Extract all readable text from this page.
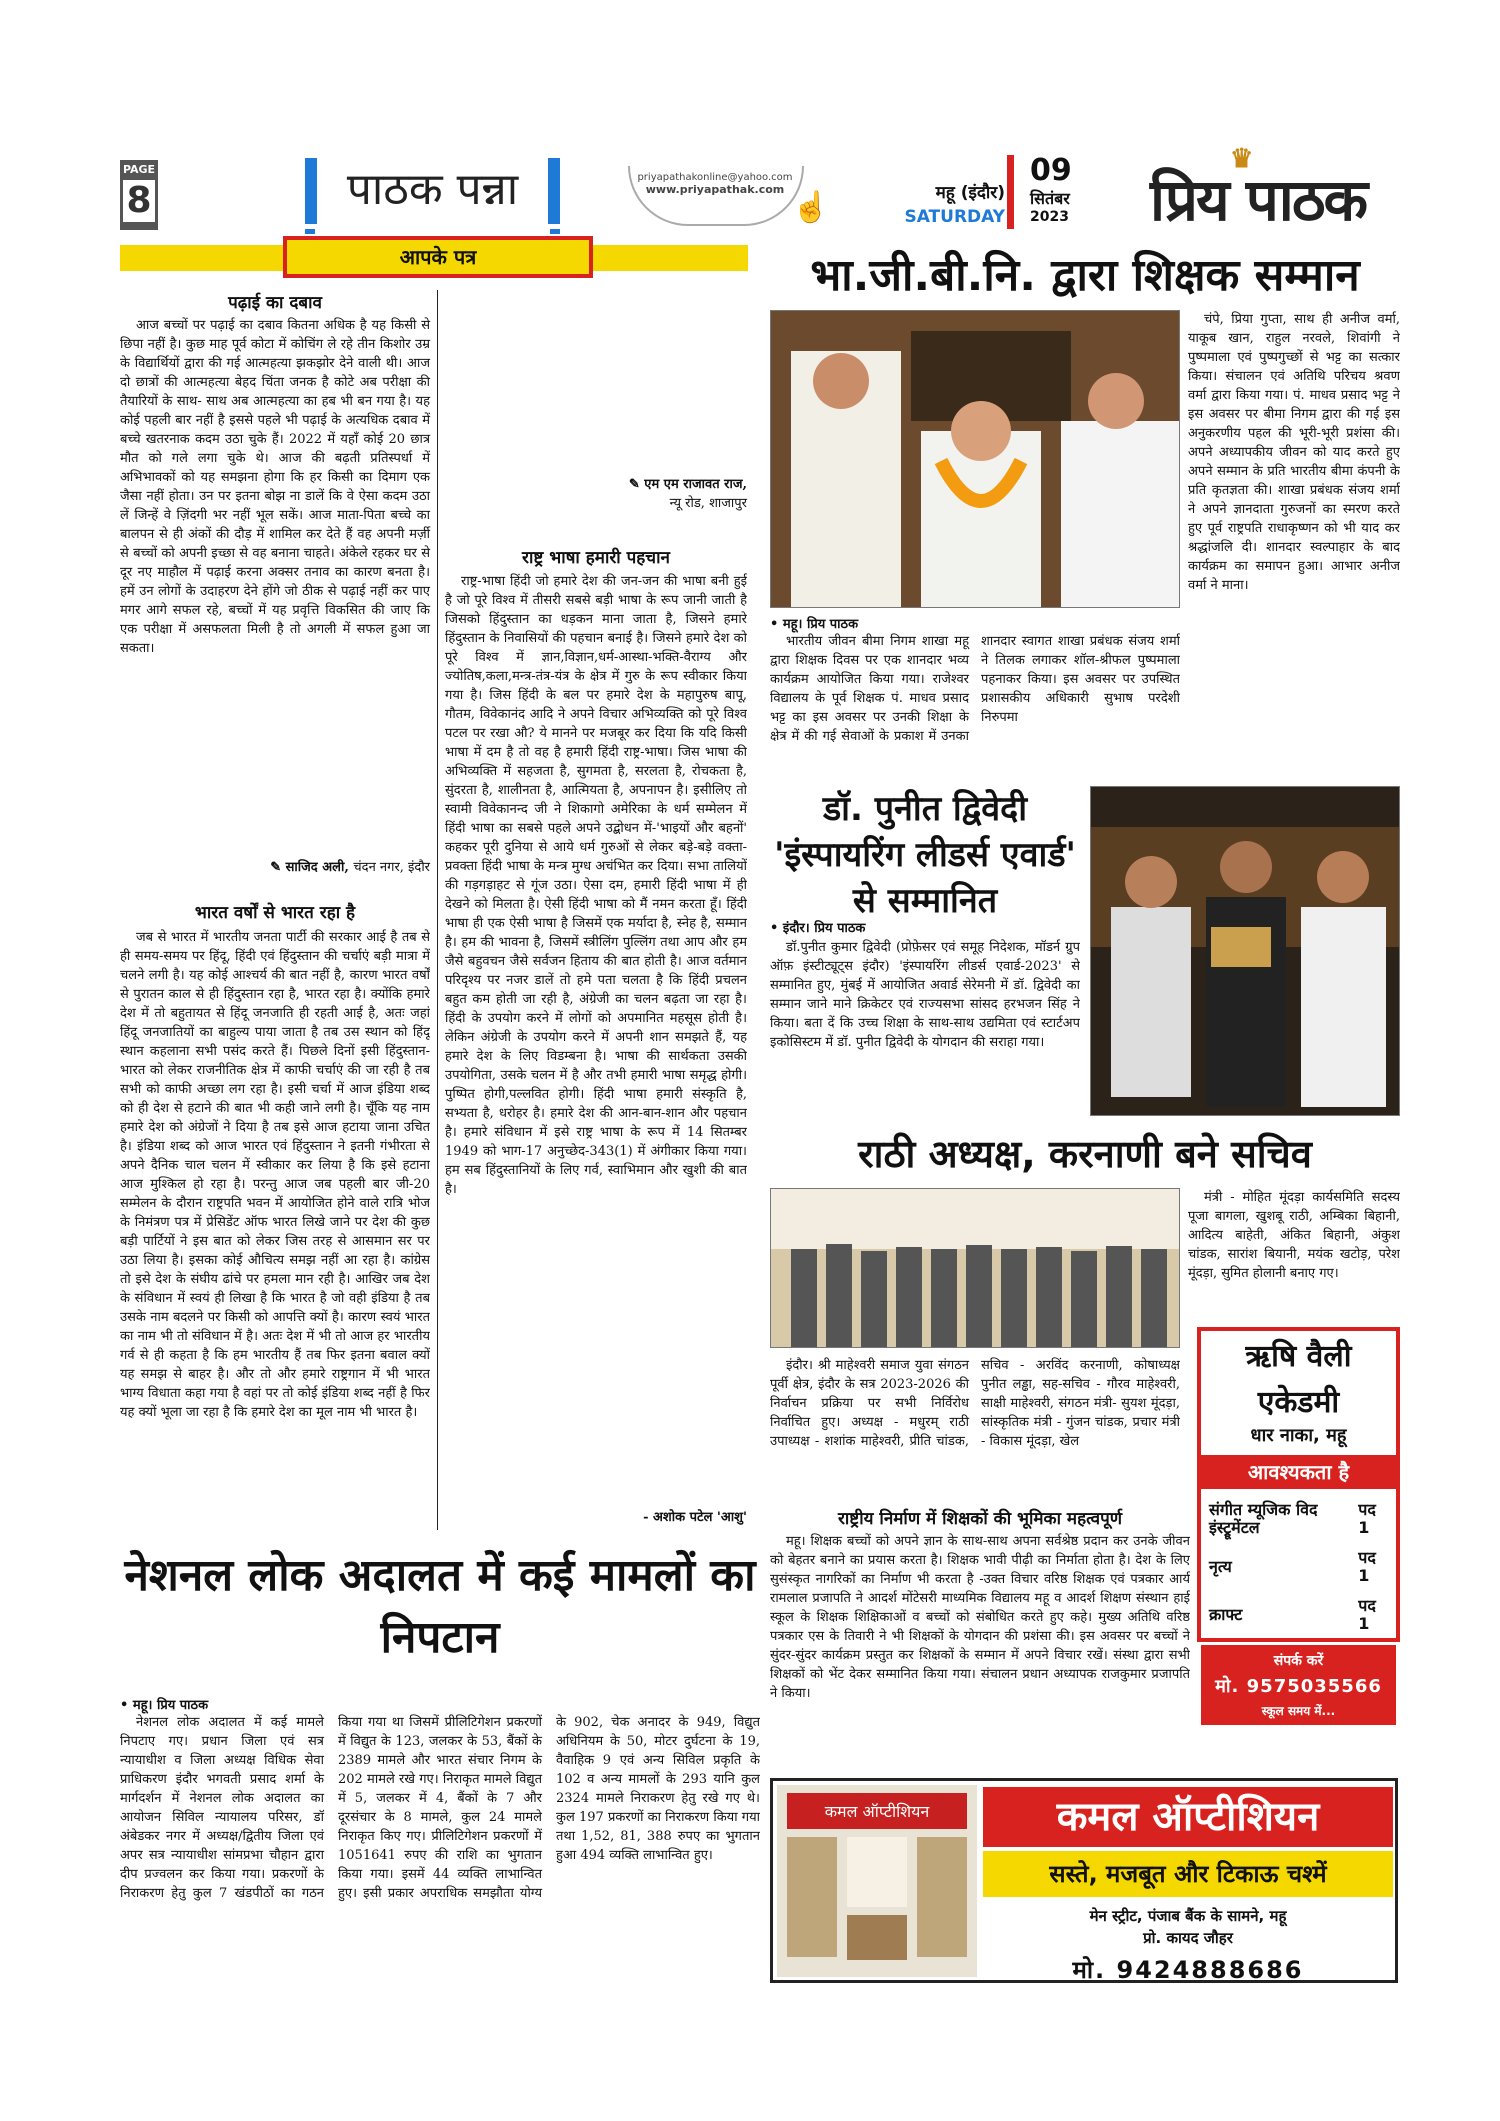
PAGE
8	पाठक पन्ना	priyapathakonline@yahoo.com
www.priyapathak.com
☝	महू (इंदौर)
SATURDAY
09
सितंबर
2023
♛
प्रिय पाठक
आपके पत्र
पढ़ाई का दबाव

आज बच्चों पर पढ़ाई का दबाव कितना अधिक है यह किसी से छिपा नहीं है। कुछ माह पूर्व कोटा में कोचिंग ले रहे तीन किशोर उम्र के विद्यार्थियों द्वारा की गई आत्महत्या झकझोर देने वाली थी। आज दो छात्रों की आत्महत्या बेहद चिंता जनक है कोटे अब परीक्षा की तैयारियों के साथ- साथ अब आत्महत्या का हब भी बन गया है। यह कोई पहली बार नहीं है इससे पहले भी पढ़ाई के अत्यधिक दबाव में बच्चे खतरनाक कदम उठा चुके हैं। 2022 में यहाँ कोई 20 छात्र मौत को गले लगा चुके थे। आज की बढ़ती प्रतिस्पर्धा में अभिभावकों को यह समझना होगा कि हर किसी का दिमाग एक जैसा नहीं होता। उन पर इतना बोझ ना डालें कि वे ऐसा कदम उठा लें जिन्हें वे ज़िंदगी भर नहीं भूल सकें। आज माता-पिता बच्चे का बालपन से ही अंकों की दौड़ में शामिल कर देते हैं वह अपनी मर्ज़ी से बच्चों को अपनी इच्छा से वह बनाना चाहते। अंकेले रहकर घर से दूर नए माहौल में पढ़ाई करना अक्सर तनाव का कारण बनता है। हमें उन लोगों के उदाहरण देने होंगे जो ठीक से पढ़ाई नहीं कर पाए मगर आगे सफल रहे, बच्चों में यह प्रवृत्ति विकसित की जाए कि एक परीक्षा में असफलता मिली है तो अगली में सफल हुआ जा सकता।

✎ साजिद अली, चंदन नगर, इंदौर
भारत वर्षों से भारत रहा है

जब से भारत में भारतीय जनता पार्टी की सरकार आई है तब से ही समय-समय पर हिंदू, हिंदी एवं हिंदुस्तान की चर्चाएं बड़ी मात्रा में चलने लगी है। यह कोई आश्चर्य की बात नहीं है, कारण भारत वर्षों से पुरातन काल से ही हिंदुस्तान रहा है, भारत रहा है। क्योंकि हमारे देश में तो बहुतायत से हिंदू जनजाति ही रहती आई है, अतः जहां हिंदू जनजातियों का बाहुल्य पाया जाता है तब उस स्थान को हिंदू स्थान कहलाना सभी पसंद करते हैं। पिछले दिनों इसी हिंदुस्तान- भारत को लेकर राजनीतिक क्षेत्र में काफी चर्चाएं की जा रही है तब सभी को काफी अच्छा लग रहा है। इसी चर्चा में आज इंडिया शब्द को ही देश से हटाने की बात भी कही जाने लगी है। चूँकि यह नाम हमारे देश को अंग्रेजों ने दिया है तब इसे आज हटाया जाना उचित है। इंडिया शब्द को आज भारत एवं हिंदुस्तान ने इतनी गंभीरता से अपने दैनिक चाल चलन में स्वीकार कर लिया है कि इसे हटाना आज मुश्किल हो रहा है। परन्तु आज जब पहली बार जी-20 सम्मेलन के दौरान राष्ट्रपति भवन में आयोजित होने वाले रात्रि भोज के निमंत्रण पत्र में प्रेसिडेंट ऑफ भारत लिखे जाने पर देश की कुछ बड़ी पार्टियों ने इस बात को लेकर जिस तरह से आसमान सर पर उठा लिया है। इसका कोई औचित्य समझ नहीं आ रहा है। कांग्रेस तो इसे देश के संघीय ढांचे पर हमला मान रही है। आखिर जब देश के संविधान में स्वयं ही लिखा है कि भारत है जो वही इंडिया है तब उसके नाम बदलने पर किसी को आपत्ति क्यों है। कारण स्वयं भारत का नाम भी तो संविधान में है। अतः देश में भी तो आज हर भारतीय गर्व से ही कहता है कि हम भारतीय हैं तब फिर इतना बवाल क्यों यह समझ से बाहर है। और तो और हमारे राष्ट्रगान में भी भारत भाग्य विधाता कहा गया है वहां पर तो कोई इंडिया शब्द नहीं है फिर यह क्यों भूला जा रहा है कि हमारे देश का मूल नाम भी भारत है।

✎ एम एम राजावत राज,
न्यू रोड, शाजापुर
राष्ट्र भाषा हमारी पहचान

राष्ट्र-भाषा हिंदी जो हमारे देश की जन-जन की भाषा बनी हुई है जो पूरे विश्व में तीसरी सबसे बड़ी भाषा के रूप जानी जाती है जिसको हिंदुस्तान का धड़कन माना जाता है, जिसने हमारे हिंदुस्तान के निवासियों की पहचान बनाई है। जिसने हमारे देश को पूरे विश्व में ज्ञान,विज्ञान,धर्म-आस्था-भक्ति-वैराग्य और ज्योतिष,कला,मन्त्र-तंत्र-यंत्र के क्षेत्र में गुरु के रूप स्वीकार किया गया है। जिस हिंदी के बल पर हमारे देश के महापुरुष बापू, गौतम, विवेकानंद आदि ने अपने विचार अभिव्यक्ति को पूरे विश्व पटल पर रखा औ? ये मानने पर मजबूर कर दिया कि यदि किसी भाषा में दम है तो वह है हमारी हिंदी राष्ट्र-भाषा। जिस भाषा की अभिव्यक्ति में सहजता है, सुगमता है, सरलता है, रोचकता है, सुंदरता है, शालीनता है, आत्मियता है, अपनापन है। इसीलिए तो स्वामी विवेकानन्द जी ने शिकागो अमेरिका के धर्म सम्मेलन में हिंदी भाषा का सबसे पहले अपने उद्बोधन में-'भाइयों और बहनों' कहकर पूरी दुनिया से आये धर्म गुरुओं से लेकर बड़े-बड़े वक्ता-प्रवक्ता हिंदी भाषा के मन्त्र मुग्ध अचंभित कर दिया। सभा तालियों की गड़गड़ाहट से गूंज उठा। ऐसा दम, हमारी हिंदी भाषा में ही देखने को मिलता है। ऐसी हिंदी भाषा को मैं नमन करता हूँ। हिंदी भाषा ही एक ऐसी भाषा है जिसमें एक मर्यादा है, स्नेह है, सम्मान है। हम की भावना है, जिसमें स्त्रीलिंग पुल्लिंग तथा आप और हम जैसे बहुवचन जैसे सर्वजन हिताय की बात होती है। आज वर्तमान परिदृश्य पर नजर डालें तो हमे पता चलता है कि हिंदी प्रचलन बहुत कम होती जा रही है, अंग्रेजी का चलन बढ़ता जा रहा है। हिंदी के उपयोग करने में लोगों को अपमानित महसूस होती है। लेकिन अंग्रेजी के उपयोग करने में अपनी शान समझते हैं, यह हमारे देश के लिए विडम्बना है। भाषा की सार्थकता उसकी उपयोगिता, उसके चलन में है और तभी हमारी भाषा समृद्ध होगी। पुष्पित होगी,पल्लवित होगी। हिंदी भाषा हमारी संस्कृति है, सभ्यता है, धरोहर है। हमारे देश की आन-बान-शान और पहचान है। हमारे संविधान में इसे राष्ट्र भाषा के रूप में 14 सितम्बर 1949 को भाग-17 अनुच्छेद-343(1) में अंगीकार किया गया। हम सब हिंदुस्तानियों के लिए गर्व, स्वाभिमान और खुशी की बात है।

- अशोक पटेल 'आशु'
भा.जी.बी.नि. द्वारा शिक्षक सम्मान

चंपे, प्रिया गुप्ता, साथ ही अनीज वर्मा, याकूब खान, राहुल नरवले, शिवांगी ने पुष्पमाला एवं पुष्पगुच्छों से भट्ट का सत्कार किया। संचालन एवं अतिथि परिचय श्रवण वर्मा द्वारा किया गया। पं. माधव प्रसाद भट्ट ने इस अवसर पर बीमा निगम द्वारा की गई इस अनुकरणीय पहल की भूरी-भूरी प्रशंसा की। अपने अध्यापकीय जीवन को याद करते हुए अपने सम्मान के प्रति भारतीय बीमा कंपनी के प्रति कृतज्ञता की। शाखा प्रबंधक संजय शर्मा ने अपने ज्ञानदाता गुरुजनों का स्मरण करते हुए पूर्व राष्ट्रपति राधाकृष्णन को भी याद कर श्रद्धांजलि दी। शानदार स्वल्पाहार के बाद कार्यक्रम का समापन हुआ। आभार अनीज वर्मा ने माना।

• महू। प्रिय पाठक

भारतीय जीवन बीमा निगम शाखा महू द्वारा शिक्षक दिवस पर एक शानदार भव्य कार्यक्रम आयोजित किया गया। राजेश्वर विद्यालय के पूर्व शिक्षक पं. माधव प्रसाद भट्ट का इस अवसर पर उनकी शिक्षा के क्षेत्र में की गई सेवाओं के प्रकाश में उनका शानदार स्वागत शाखा प्रबंधक संजय शर्मा ने तिलक लगाकर शॉल-श्रीफल पुष्पमाला पहनाकर किया। इस अवसर पर उपस्थित प्रशासकीय अधिकारी सुभाष परदेशी निरुपमा

डॉ. पुनीत द्विवेदी 'इंस्पायरिंग लीडर्स एवार्ड' से सम्मानित
• इंदौर। प्रिय पाठक

डॉ.पुनीत कुमार द्विवेदी (प्रोफ़ेसर एवं समूह निदेशक, मॉडर्न ग्रुप ऑफ़ इंस्टीट्यूट्स इंदौर) 'इंस्पायरिंग लीडर्स एवार्ड-2023' से सम्मानित हुए, मुंबई में आयोजित अवार्ड सेरेमनी में डॉ. द्विवेदी का सम्मान जाने माने क्रिकेटर एवं राज्यसभा सांसद हरभजन सिंह ने किया। बता दें कि उच्च शिक्षा के साथ-साथ उद्यमिता एवं स्टार्टअप इकोसिस्टम में डॉ. पुनीत द्विवेदी के योगदान की सराहा गया।

राठी अध्यक्ष, करनाणी बने सचिव

मंत्री - मोहित मूंदड़ा कार्यसमिति सदस्य पूजा बागला, खुशबू राठी, अम्बिका बिहानी, आदित्य बाहेती, अंकित बिहानी, अंकुश चांडक, सारांश बियानी, मयंक खटोड़, परेश मूंदड़ा, सुमित होलानी बनाए गए।

इंदौर। श्री माहेश्वरी समाज युवा संगठन पूर्वी क्षेत्र, इंदौर के सत्र 2023-2026 की निर्वाचन प्रक्रिया पर सभी निर्विरोध निर्वाचित हुए। अध्यक्ष - मधुरम् राठी उपाध्यक्ष - शशांक माहेश्वरी, प्रीति चांडक, सचिव - अरविंद करनाणी, कोषाध्यक्ष पुनीत लड्ढा, सह-सचिव - गौरव माहेश्वरी, साक्षी माहेश्वरी, संगठन मंत्री- सुयश मूंदड़ा, सांस्कृतिक मंत्री - गुंजन चांडक, प्रचार मंत्री - विकास मूंदड़ा, खेल

राष्ट्रीय निर्माण में शिक्षकों की भूमिका महत्वपूर्ण

महू। शिक्षक बच्चों को अपने ज्ञान के साथ-साथ अपना सर्वश्रेष्ठ प्रदान कर उनके जीवन को बेहतर बनाने का प्रयास करता है। शिक्षक भावी पीढ़ी का निर्माता होता है। देश के लिए सुसंस्कृत नागरिकों का निर्माण भी करता है -उक्त विचार वरिष्ठ शिक्षक एवं पत्रकार आर्य रामलाल प्रजापति ने आदर्श मोंटेसरी माध्यमिक विद्यालय महू व आदर्श शिक्षण संस्थान हाई स्कूल के शिक्षक शिक्षिकाओं व बच्चों को संबोधित करते हुए कहे। मुख्य अतिथि वरिष्ठ पत्रकार एस के तिवारी ने भी शिक्षकों के योगदान की प्रशंसा की। इस अवसर पर बच्चों ने सुंदर-सुंदर कार्यक्रम प्रस्तुत कर शिक्षकों के सम्मान में अपने विचार रखें। संस्था द्वारा सभी शिक्षकों को भेंट देकर सम्मानित किया गया। संचालन प्रधान अध्यापक राजकुमार प्रजापति ने किया।

ऋषि वैली
एकेडमी
धार नाका, महू
आवश्यकता है
संगीत म्यूजिक विद इंस्ट्रूमेंटल	पद 1
नृत्य	पद 1
क्राफ्ट	पद 1
संपर्क करें
मो. 9575035566
स्कूल समय में...
नेशनल लोक अदालत में कई मामलों का निपटान
• महू। प्रिय पाठक

नेशनल लोक अदालत में कई मामले निपटाए गए। प्रधान जिला एवं सत्र न्यायाधीश व जिला अध्यक्ष विधिक सेवा प्राधिकरण इंदौर भगवती प्रसाद शर्मा के मार्गदर्शन में नेशनल लोक अदालत का आयोजन सिविल न्यायालय परिसर, डॉ अंबेडकर नगर में अध्यक्ष/द्वितीय जिला एवं अपर सत्र न्यायाधीश सांमप्रभा चौहान द्वारा दीप प्रज्वलन कर किया गया। प्रकरणों के निराकरण हेतु कुल 7 खंडपीठों का गठन किया गया था जिसमें प्रीलिटिगेशन प्रकरणों में विद्युत के 123, जलकर के 53, बैंकों के 2389 मामले और भारत संचार निगम के 202 मामले रखे गए। निराकृत मामले विद्युत में 5, जलकर में 4, बैंकों के 7 और दूरसंचार के 8 मामले, कुल 24 मामले निराकृत किए गए। प्रीलिटिगेशन प्रकरणों में 1051641 रुपए की राशि का भुगतान किया गया। इसमें 44 व्यक्ति लाभान्वित हुए। इसी प्रकार अपराधिक समझौता योग्य के 902, चेक अनादर के 949, विद्युत अधिनियम के 50, मोटर दुर्घटना के 19, वैवाहिक 9 एवं अन्य सिविल प्रकृति के 102 व अन्य मामलों के 293 यानि कुल 2324 मामले निराकरण हेतु रखे गए थे। कुल 197 प्रकरणों का निराकरण किया गया तथा 1,52, 81, 388 रुपए का भुगतान हुआ 494 व्यक्ति लाभान्वित हुए।

कमल ऑप्टीशियन	कमल ऑप्टीशियन
सस्ते, मजबूत और टिकाऊ चश्में
मेन स्ट्रीट, पंजाब बैंक के सामने, महू
प्रो. कायद जौहर
मो. 9424888686
